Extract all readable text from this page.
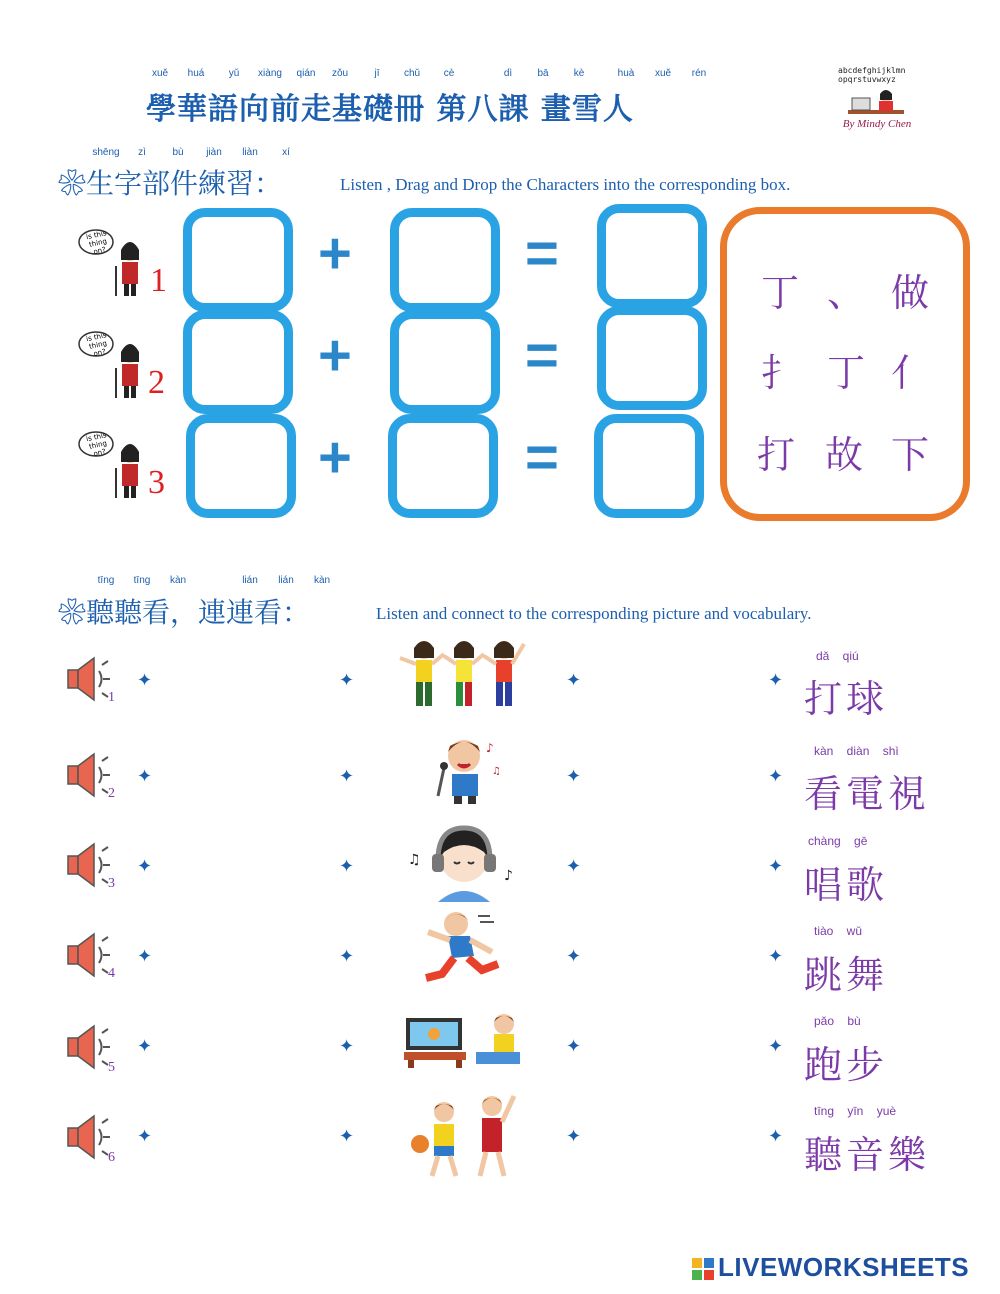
xuě	huá	yǔ	xiàng	qián	zǒu	jī	chǔ	cè	dì	bā	kè	huà	xuě	rén
學華語向前走基礎冊 第八課 畫雪人
abcdefghijklmnopqrstuvwxyz
By Mindy Chen
shēng	zì	bù	jiàn	liàn	xí
❀生字部件練習：	Listen , Drag and Drop the Characters into the corresponding box.
is this thing on?
1	+	=
is this thing on?
2	+	=
is this thing on?
3	+	=
丁 、 做
扌 丁 亻
打 故 下
tīng	tīng	kàn	lián	lián	kàn
❀聽聽看，連連看：	Listen and connect to the corresponding picture and vocabulary.
1
✦	✦	✦	✦
dǎ    qiú
打球
2
✦	✦
♪
♫	✦	✦
kàn    diàn    shì
看電視
3
✦	✦	♫
♪	✦	✦
chàng    gē
唱歌
4
✦	✦	✦	✦
tiào    wǔ
跳舞
5
✦	✦	✦	✦
pǎo    bù
跑步
6
✦	✦	✦	✦
tīng    yīn    yuè
聽音樂
LIVEWORKSHEETS
